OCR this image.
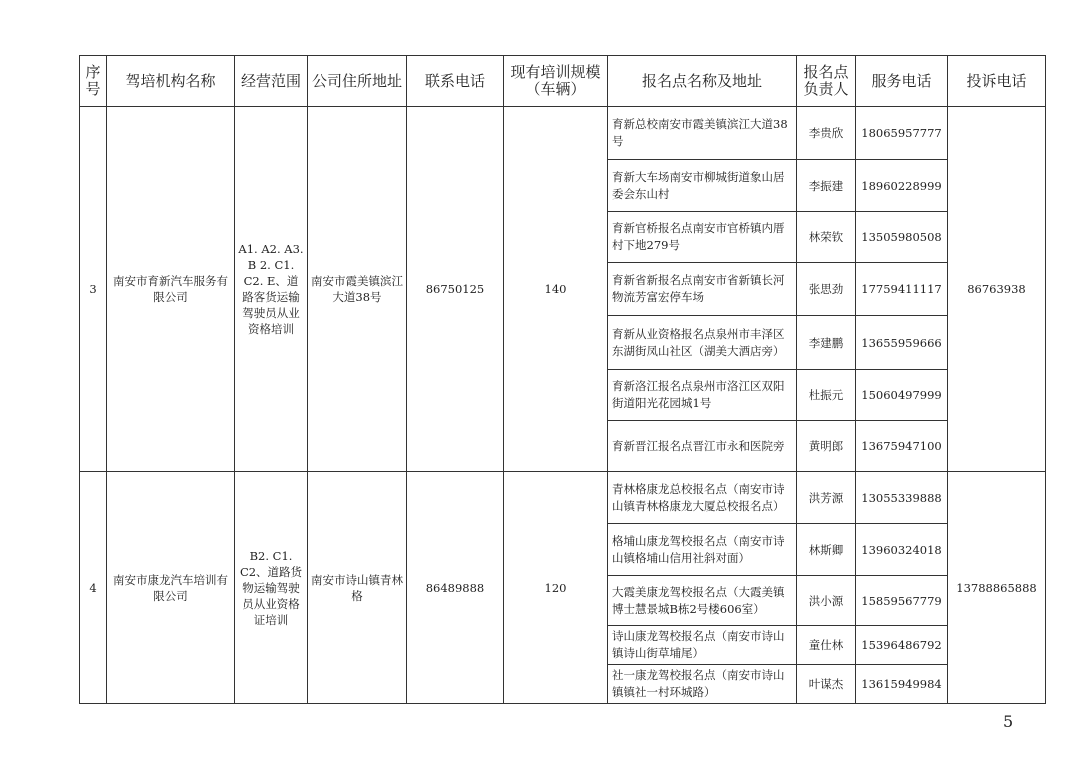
序号	驾培机构名称	经营范围	公司住所地址	联系电话	现有培训规模（车辆）	报名点名称及地址	报名点负责人	服务电话	投诉电话
3	南安市育新汽车服务有限公司	A1. A2. A3. B 2. C1. C2. E、道路客货运输驾驶员从业资格培训	南安市霞美镇滨江大道38号	86750125	140	育新总校南安市霞美镇滨江大道38号	李贵欣	18065957777	86763938
						育新大车场南安市柳城街道象山居委会东山村	李振建	18960228999	
						育新官桥报名点南安市官桥镇内厝村下地279号	林荣钦	13505980508	
						育新省新报名点南安市省新镇长河物流芳富宏停车场	张思劲	17759411117	
						育新从业资格报名点泉州市丰泽区东湖街凤山社区（湖美大酒店旁）	李建鹏	13655959666	
						育新洛江报名点泉州市洛江区双阳街道阳光花园城1号	杜振元	15060497999	
						育新晋江报名点晋江市永和医院旁	黄明郎	13675947100	
4	南安市康龙汽车培训有限公司	B2. C1. C2、道路货物运输驾驶员从业资格证培训	南安市诗山镇青林格	86489888	120	青林格康龙总校报名点（南安市诗山镇青林格康龙大厦总校报名点）	洪芳源	13055339888	13788865888
						格埔山康龙驾校报名点（南安市诗山镇格埔山信用社斜对面）	林斯卿	13960324018	
						大霞美康龙驾校报名点（大霞美镇博士慧景城B栋2号楼606室）	洪小源	15859567779	
						诗山康龙驾校报名点（南安市诗山镇诗山街草埔尾）	童仕林	15396486792	
						社一康龙驾校报名点（南安市诗山镇镇社一村环城路）	叶谋杰	13615949984	
5
